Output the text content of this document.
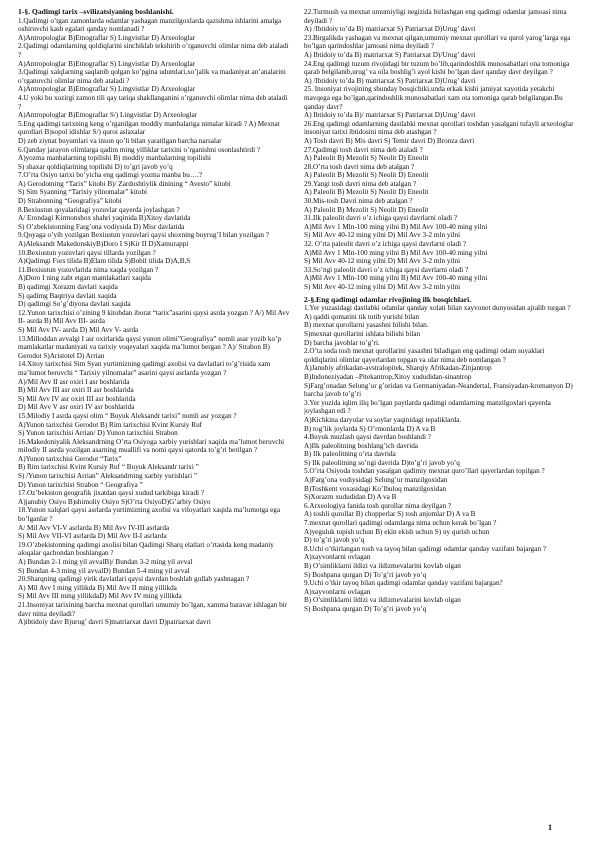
1-§. Qadimgi tarix –svilizatsiyaning boshlanishi.

1.Qadimgi o’tgan zamonlarda odamlar yashagan manzilgoxlarda qazishma ishlarini amalga oshiruvchi kasb egalari qanday nomlanadi ?

A)Antropologlar B)Etnograflar S) Lingvistlar D) Arxeologlar

2.Qadimgi odamlarning qoldiqlarini sinchiklab tekshirib o’rganuvchi olimlar nima deb ataladi ?

A)Antropologlar B)Etnograflar S) Lingvistlar D) Arxeologlar

3.Qadimgi xalqlarning saqlanib qolgan ko’pgina udumlari,xo’jalik va madaniyat an’analarini o’rganuvchi olimlar nima deb ataladi ?

A)Antropologlar B)Etnograflar S) Lingvistlar D) Arxeologlar

4.U yoki bu xozirgi zamon tili qay tariqa shakllanganini o’rganuvchi olimlar nima deb ataladi ?

A)Antropologlar B)Etnograflar S/) Lingvistlar D) Arxeologlar

5.Eng qadimgi tarixning keng o’rganilgan moddiy manbalariga nimalar kiradi ? A) Mexnat qurollari B)sopol idishlar S/) quroi aslaxalar

D) zeb ziynat buyumlari va inson qo’li bilan yaratilgan barcha narsalar

6.Qanday jarayon olimlarga qadim ming yilliklar tarixini o’rganishni osonlashtirdi ?

A)yozma manbalarning topilishi B) moddiy manbalarning topilishi

S) shaxar qoldiqlarining topilishi D) to’gri javob yo’q

7.O’rta Osiyo tarixi bo’yicha eng qadimgi yozma manba bu….?

A) Gerodotning “Tarix” kitobi B)/ Zardushtiylik dinining “ Avesto” kitobi

S) Sim Syanning “Tarixiy yilnomalar” kitobi

D) Strabonning “Geografiya” kitobi

8.Bexiustun qoyalaridagi yozuvlar qayerda joylashgan ?

A/ Erondagi Kirmonshox shahri yaqinida B)Xitoy davlatida

S) O’zbekistonning Farg’ona vodiysida D) Misr davlatida

9.Qoyaga o’yib yozilgan Bexiustun yozuvlari qaysi shoxning buyrug’I bilan yozilgan ?

A)Aleksandr MakedonskiyB)Doro I S)Kir II D)Xamurappi

10.Bexiustun yozuvlari qaysi tillarda yozilgan ?

A)Qadimgi Fors tilida B)Elam tilida S)Bobil tilida D)A,B,S

11.Bexiustun yozuvlarida nima xaqda yozilgan ?

A)Doro I ning zabt etgan mamlakatlari xaqida

B) qadimgi Xorazm davlati xaqida

S) qadimg Baqtriya davlati xaqida

D) qadimgi So’g’diyona davlati xaqida

12.Yunon tarixchisi o’zining 9 kitobdan iborat “tarix”asarini qaysi asrda yozgan ? A/) Mil Avv II- asrda B) Mil Avv III- asrda

S) Mil Avv IV- asrda D) Mil Avv V- asrda

13.Milloddan avvalgi I asr oxirlarida qaysi yunon olimi”Geografiya” nomli asar yozib ko’p mamlakatlar madaniyati va tarixiy voqeyalari xaqida ma’lumot bergan ? A)/ Strabon B) Gerodot S)Aristotel D) Arrian

14.Xitoy tarixchisi Sim Syan yurtimizning qadimgi axolisi va davlatlari to’g’risida xam ma’lumot beruvchi “ Tarixiy yilnomalar” asarini qaysi asrlarda yozgan ?

A)/Mil Avv II asr oxiri I asr boshlarida

B) Mil Avv III asr oxiri II asr boshlarida

S) Mil Avv IV asr oxiri III asr boshlarida

D) Mil Avv V asr oxiri IV asr boshlarida

15.Milodiy I asrda qaysi olim “ Buyuk Aleksandr tarixi” nomli asr yozgan ?

A)Yunon tarixchisi Gerodot B) Rim tarixchisi Kvint Kursiy Ruf

S) Yunon tarixchisi Arrian/ D) Yunon tarixchisi Strabon

16.Makedoniyalik Aleksandrning O’rta Osiyoga xarbiy yurishlari xaqida ma’lumot beruvchi milodiy II asrda yozilgan asarning muallifi va nomi qaysi qatorda to’g’ri berilgan ?

A)Yunon tarixchisi Gerodot “Tarix”

B) Rim tarixchisi Kvint Kursiy Ruf “ Buyuk Aleksandr tarixi ”

S) /Yunon tarixchisi Arrian” Aleksandrning xarbiy yurishlari ”

D) Yunon tarixchisi Strabon “ Geografiya ”

17.Oz’bekiston geografik jixatdan qaysi xudud tarkibiga kiradi ?

A)janubiy Osiyo B)shimoliy Osiyo S)O’rta OsiyoD)G’arbiy Osiyo

18.Yunon xalqlari qaysi asrlarda yurtimizning axolisi va viloyatlari xaqida ma’lumotga ega bo’lganlar ?

A/ Mil Avv VI-V asrlarda B) Mil Avv IV-III asrlarda

S) Mil Avv VII-VI asrlarda D) Mil Avv II-I asrlarda

19.O’zbekistonning qadimgi axolisi bilan Qadimgi Sharq elatlari o’rtasida keng madaniy aloqalar qachondan boshlangan ?

A) Bundan 2-1 ming yil avvalB)/ Bundan 3-2 ming yil avval

S) Bundan 4-3 ming yil avvalD) Bundan 5-4 ming yil avval

20.Sharqning qadimgi yirik davlatlari qaysi davrdan boshlab gullab yashnagan ?

A) Mil Avv I ming yillikda B) Mil Avv II ming yillikda

S) Mil Avv III ming yillikdaD) Mil Avv IV ming yillikda

21.Insoniyat tarixining barcha mexnat qurollari umumiy bo’lgan, xamma baravar ishlagan bir davr nima deyiladi?

A)ibtidoiy davr B)urug’ davri S)matriarxat davri D)patriarxat davri

22.Turmush va mexnat umumiyligi negizida birlashgan eng qadimgi odamlar jamoasi nima deyiladi ?

A) /Ibtidoiy to’da B) matriarxat S) Patriarxat D)Urug’ davri

23.Birgalikda yashagan va mexnat qilgan,umumiy mexnat qurollari va qurol yarog’larga ega bo’lgan qarindoshlar jamoasi nima deyiladi ?

A) Ibtidoiy to’da B) matriarxat S) Patriarxat D)/Urug’ davri

24.Eng qadimgi tuzum rivojidagi bir tuzum bo’lib,qarindoshlik munosabatlari ona tomoniga qarab belgilanib,urug’ va oila boshlig’i ayol kishi bo’lgan davr qanday davr deyilgan ?

A) /Ibtidoiy to’da B) matriarxat S) Patriarxat D)Urug’ davri

25. Insoniyat rivojining shunday bosqichiki,unda erkak kishi jamiyat xayotida yetakchi mavqega ega bo’lgan,qarindoshlik munosabatlari xam ota tomoniga qarab belgilangan.Bu qanday davr?

A) Ibtidoiy to’da B)/ matriarxat S) Patriarxat D)Urug’ davri

26.Eng qadimgi odamlarning dastlabki mexnat qurollari toshdan yasalgani tufayli arxeologlar insoniyat tarixi ibtidosini nima deb atashgan ?

A) Tosh davri B) Mis davri S) Temir davri D) Bronza davri

27.Qadimgi tosh davri nima deb ataladi ?

A) Paleolit B) Mezolit S) Neolit D) Eneolit

28.O’rta tosh davri nima deb atalgan ?

A) Paleolit B) Mezolit S) Neolit D) Eneolit

29.Yangi tosh davri nima deb atalgan ?

A) Paleolit B) Mezolit S) Neolit D) Eneolit

30.Mis-tosh Davri nima deb atalgan ?

A) Paleolit B) Mezolit S) Neolit D) Eneolit

31.Ilk paleolit davri o’z ichiga qaysi davrlarni oladi ?

A)Mil Avv 1 Mln-100 ming yilni B) Mil Avv 100-40 ming yilni

S) Mil Avv 40-12 ming yilni D) Mil Avv 3-2 mln yilni

32. O’rta paleolit davri o’z ichiga qaysi davrlarni oladi ?

A)Mil Avv 1 Mln-100 ming yilni B) Mil Avv 100-40 ming yilni

S) Mil Avv 40-12 ming yilni D) Mil Avv 3-2 mln yilni

33.So’ngi paleolit davri o’z ichiga qaysi davrlarni oladi ?

A)Mil Avv 1 Mln-100 ming yilni B) Mil Avv 100-40 ming yilni

S) Mil Avv 40-12 ming yilni D) Mil Avv 3-2 mln yilni

2-§.Eng qadimgi odamlar rivojining ilk bosqichlari.

1.Yer yuzasidagi dastlabki odamlar qanday xolati bilan xayvonot dunyosidan ajralib turgan ?

A) qaddi qomatini tik tutib yurishi bilan

B) mexnat qurollarni yasashni bilishi bilan.

S)mexnat qurollarini ishlata bilishi bilan

D) barcha javoblar to’g’ri.

2.O’ta soda tosh mexnat qurollarini yasashni biladigan eng qadimgi odam suyaklari qoldiqlarini olimlar qayerlardan topgan va ular nima deb nomlangan ?

A)Janubiy afrikadan-avstralopitek, Sharqiy Afrikadan-Zinjantrop

B)Indoneziyadan –Pitekantrop,Xitoy xududidan-sinantrop

S)Farg’onadan Selung’ur g’oridan va Germaniyadan-Neandertal, Fransiyadan-kromanyon D) barcha javob to’g’ri

3.Yer yuzida iqlim iliq bo’lgan paytlarda qadimgi odamlarning manzilgoxlari qayerda joylashgan edi ?

A)Kichkina daryolar va soylar yaqinidagi tepaliklarda.

B) tog’lik joylarda S) O’rmonlarda D) A va B

4.Buyuk muzlash qaysi davrdan boshlandi ?

A)Ilk paleolitning boshlang’ich davrida

B) Ilk paleolitning o’rta davrida

S) Ilk paleolitning so’ngi davrida D)to’g’ri javob yo’q

5.O’rta Osiyoda toshdan yasalgan qadimiy mexnat quro’llari qayerlardan topilgan ?

A)Farg’ona vodiysidagi Selung’ur manzilgoxidan

B)Toshkent voxasidagi Ko’lbuloq manzilgoxidan

S)Xorazm xududidan D) A va B

6.Arxeologiya fanida tosh qurollar nima deyilgan ?

A) toshli qurollar B) chopperlar S) tosh anjomlar D) A va B

7.mexnat qurollari qadimgi odamlarga nima uchun kerak bo’lgan ?

A)yeguluk topish uchun B) ekin ekish uchun S) uy qurish uchun

D) to’g’ri javob yo’q

8.Uchi o’tkirlangan tosh va tayoq bilan qadimgi odamlar qanday vazifani bajargan ?

A)xayvonlarni ovlagan

B) O’simliklarni ildizi va ildizmevalarini kovlab olgan

S) Boshpana qurgan D) To’g’ri javob yo’q

9.Uchi o’tkir tayoq bilan qadimgi odamlar qanday vazifani bajargan?

A)xayvonlarni ovlagan

B) O’simliklarni ildizi va ildizmevalarini kovlab olgan

S) Boshpana qurgan D) To’g’ri javob yo’q

1
